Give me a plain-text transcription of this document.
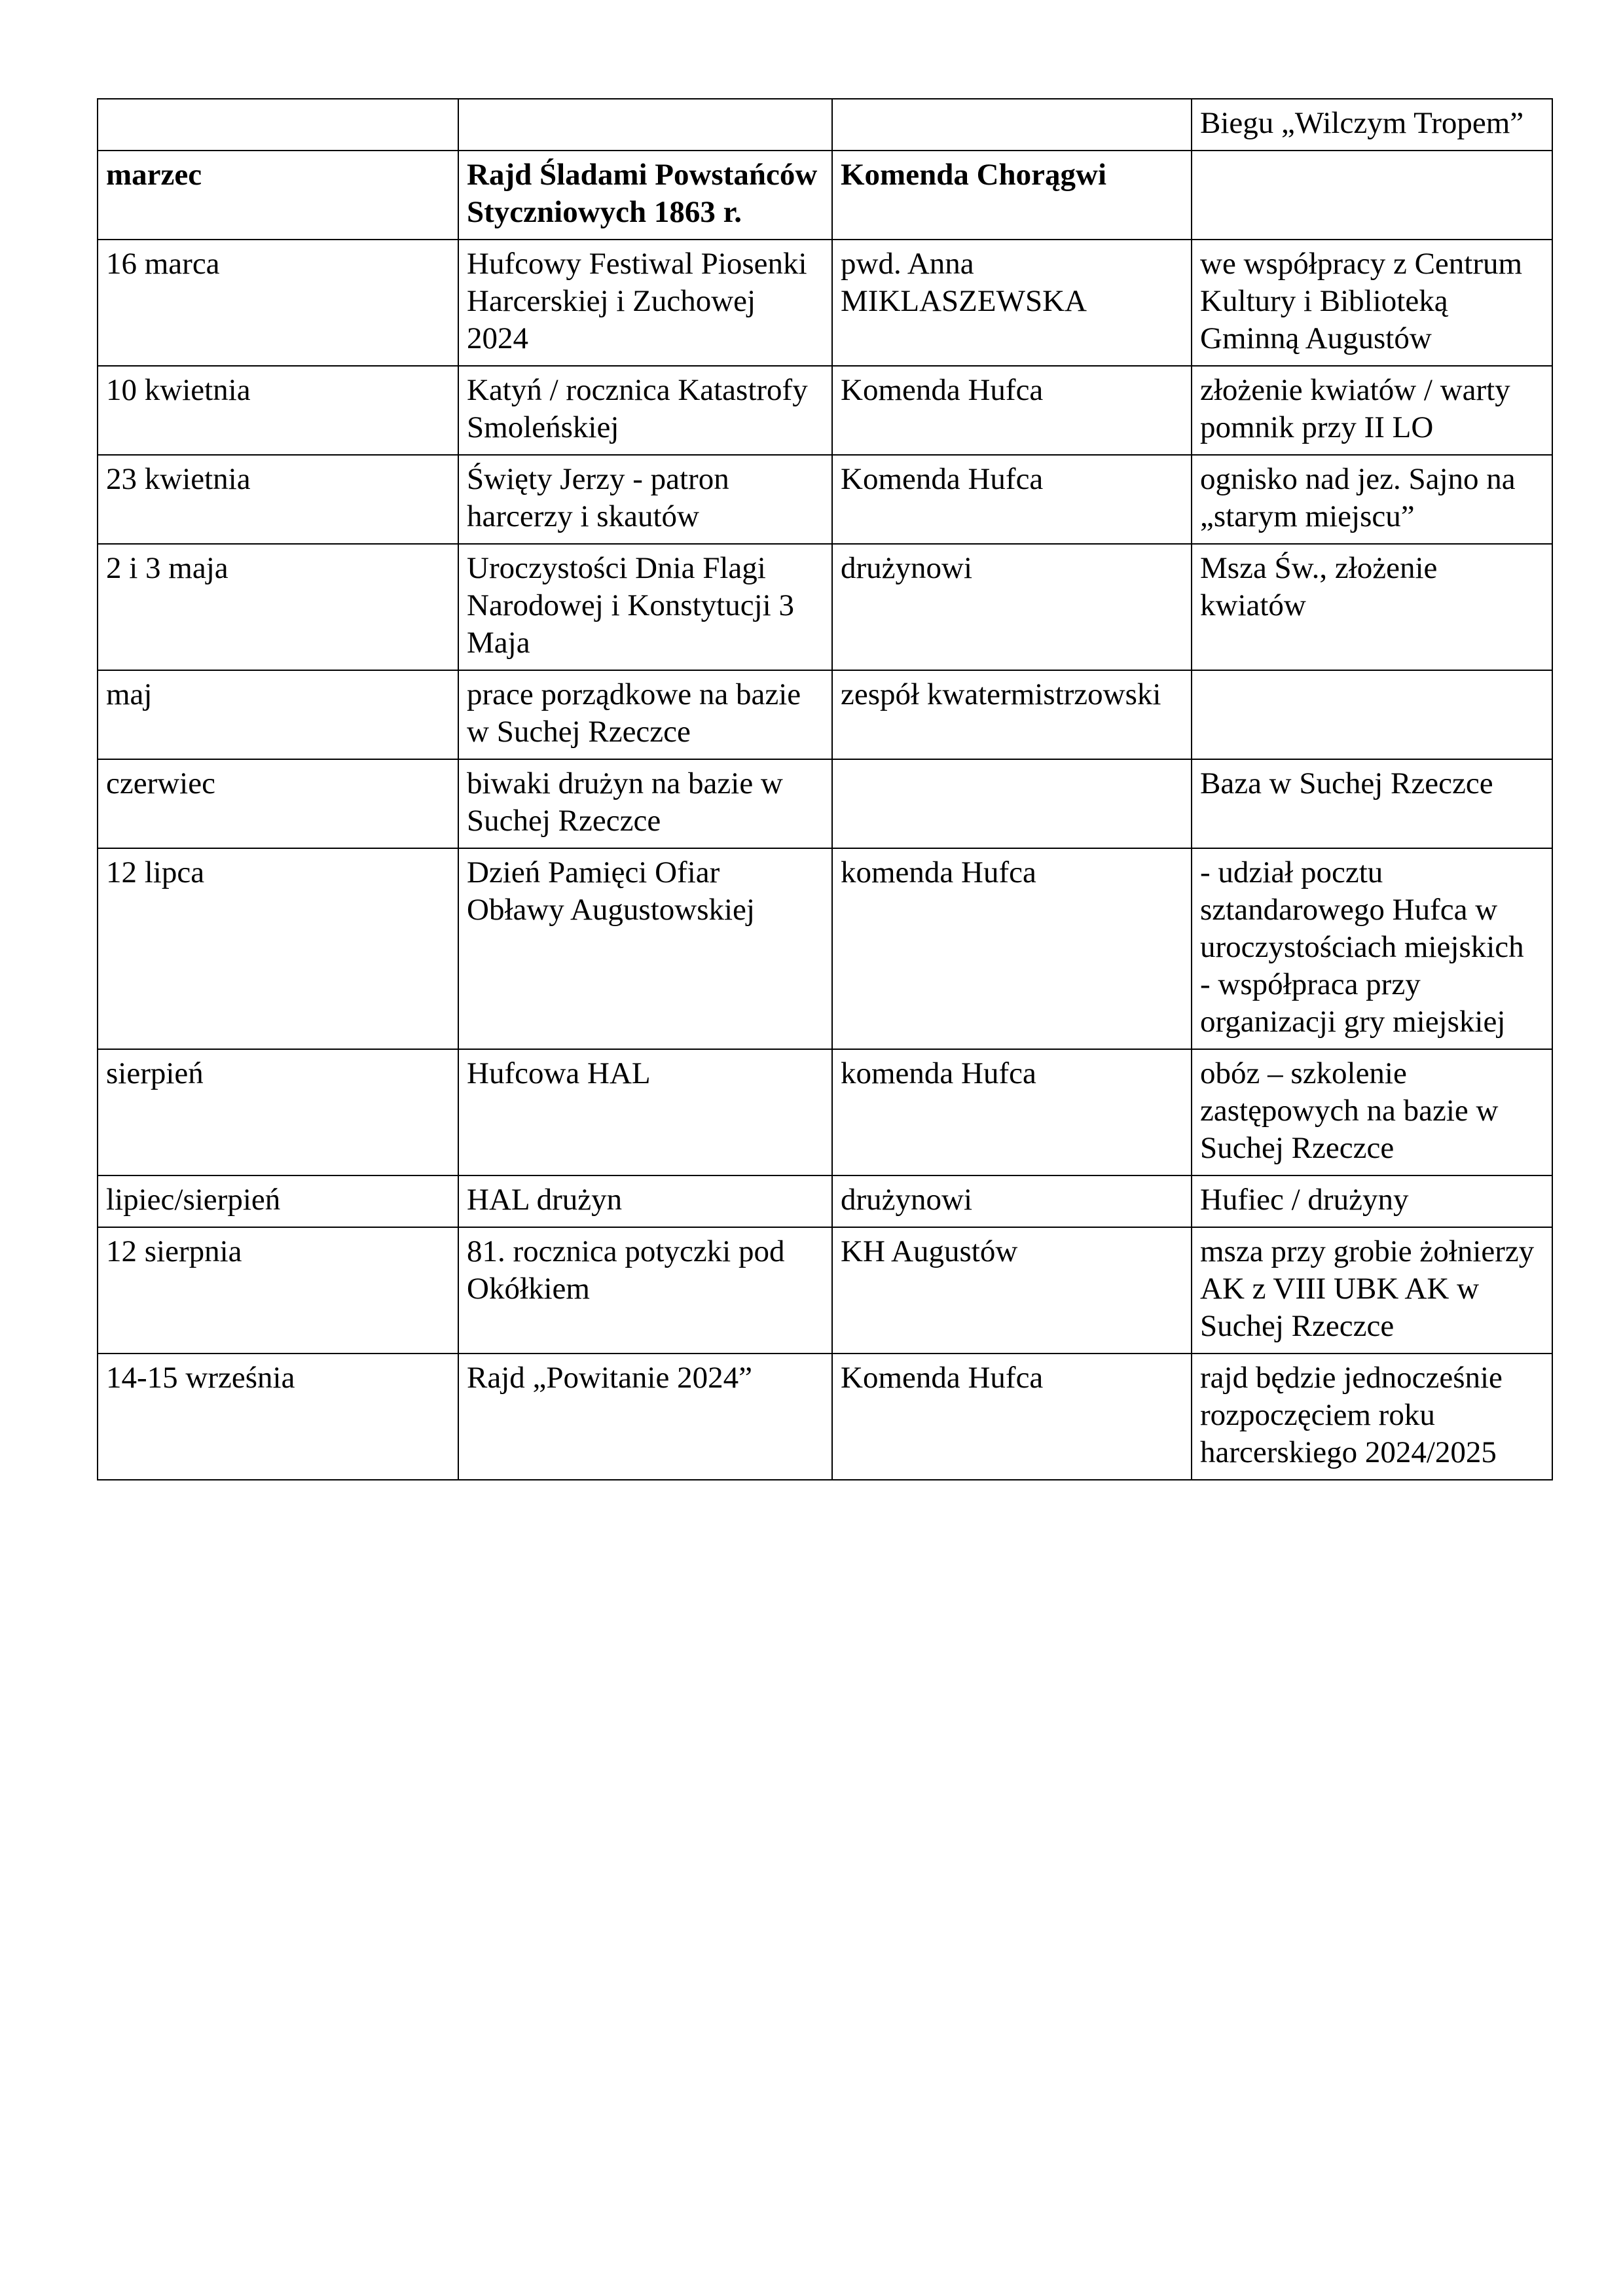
			Biegu „Wilczym Tropem”
marzec	Rajd Śladami Powstańców Styczniowych 1863 r.	Komenda Chorągwi	
16 marca	Hufcowy Festiwal Piosenki Harcerskiej i Zuchowej 2024	pwd. Anna MIKLASZEWSKA	we współpracy z Centrum Kultury i Biblioteką Gminną Augustów
10 kwietnia	Katyń / rocznica Katastrofy Smoleńskiej	Komenda Hufca	złożenie kwiatów / warty pomnik przy II LO
23 kwietnia	Święty Jerzy - patron harcerzy i skautów	Komenda Hufca	ognisko nad jez. Sajno na „starym miejscu”
2 i 3 maja	Uroczystości Dnia Flagi Narodowej i Konstytucji 3 Maja	drużynowi	Msza Św., złożenie kwiatów
maj	prace porządkowe na bazie w Suchej Rzeczce	zespół kwatermistrzowski	
czerwiec	biwaki drużyn na bazie w Suchej Rzeczce		Baza w Suchej Rzeczce
12 lipca	Dzień Pamięci Ofiar Obławy Augustowskiej	komenda Hufca	- udział pocztu sztandarowego Hufca w uroczystościach miejskich
- współpraca przy organizacji gry miejskiej
sierpień	Hufcowa HAL	komenda Hufca	obóz – szkolenie zastępowych na bazie w Suchej Rzeczce
lipiec/sierpień	HAL drużyn	drużynowi	Hufiec / drużyny
12 sierpnia	81. rocznica potyczki pod Okółkiem	KH Augustów	msza przy grobie żołnierzy AK z VIII UBK AK w Suchej Rzeczce
14-15 września	Rajd „Powitanie 2024”	Komenda Hufca	rajd będzie jednocześnie rozpoczęciem roku harcerskiego 2024/2025
